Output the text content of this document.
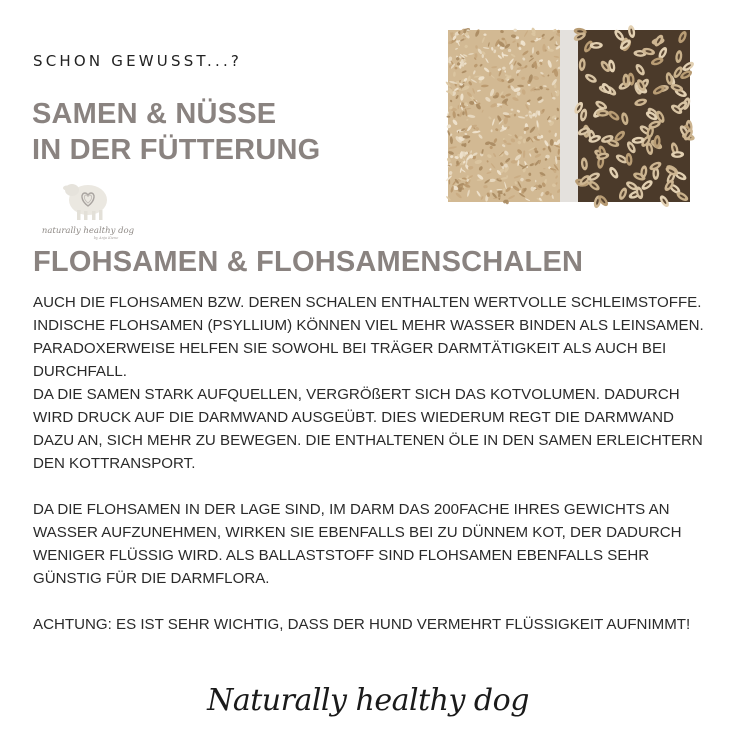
SCHON GEWUSST...?
SAMEN & NÜSSE
IN DER FÜTTERUNG
naturally healthy dog
by Anja Kiene
FLOHSAMEN & FLOHSAMENSCHALEN

AUCH DIE FLOHSAMEN BZW. DEREN SCHALEN ENTHALTEN WERTVOLLE SCHLEIMSTOFFE.

INDISCHE FLOHSAMEN (PSYLLIUM) KÖNNEN VIEL MEHR WASSER BINDEN ALS LEINSAMEN.

PARADOXERWEISE HELFEN SIE SOWOHL BEI TRÄGER DARMTÄTIGKEIT ALS AUCH BEI

DURCHFALL.

DA DIE SAMEN STARK AUFQUELLEN, VERGRÖßERT SICH DAS KOTVOLUMEN. DADURCH

WIRD DRUCK AUF DIE DARMWAND AUSGEÜBT. DIES WIEDERUM REGT DIE DARMWAND

DAZU AN, SICH MEHR ZU BEWEGEN. DIE ENTHALTENEN ÖLE IN DEN SAMEN ERLEICHTERN

DEN KOTTRANSPORT.

DA DIE FLOHSAMEN IN DER LAGE SIND, IM DARM DAS 200FACHE IHRES GEWICHTS AN

WASSER AUFZUNEHMEN, WIRKEN SIE EBENFALLS BEI ZU DÜNNEM KOT, DER DADURCH

WENIGER FLÜSSIG WIRD. ALS BALLASTSTOFF SIND FLOHSAMEN EBENFALLS SEHR

GÜNSTIG FÜR DIE DARMFLORA.

ACHTUNG: ES IST SEHR WICHTIG, DASS DER HUND VERMEHRT FLÜSSIGKEIT AUFNIMMT!

Naturally healthy dog
